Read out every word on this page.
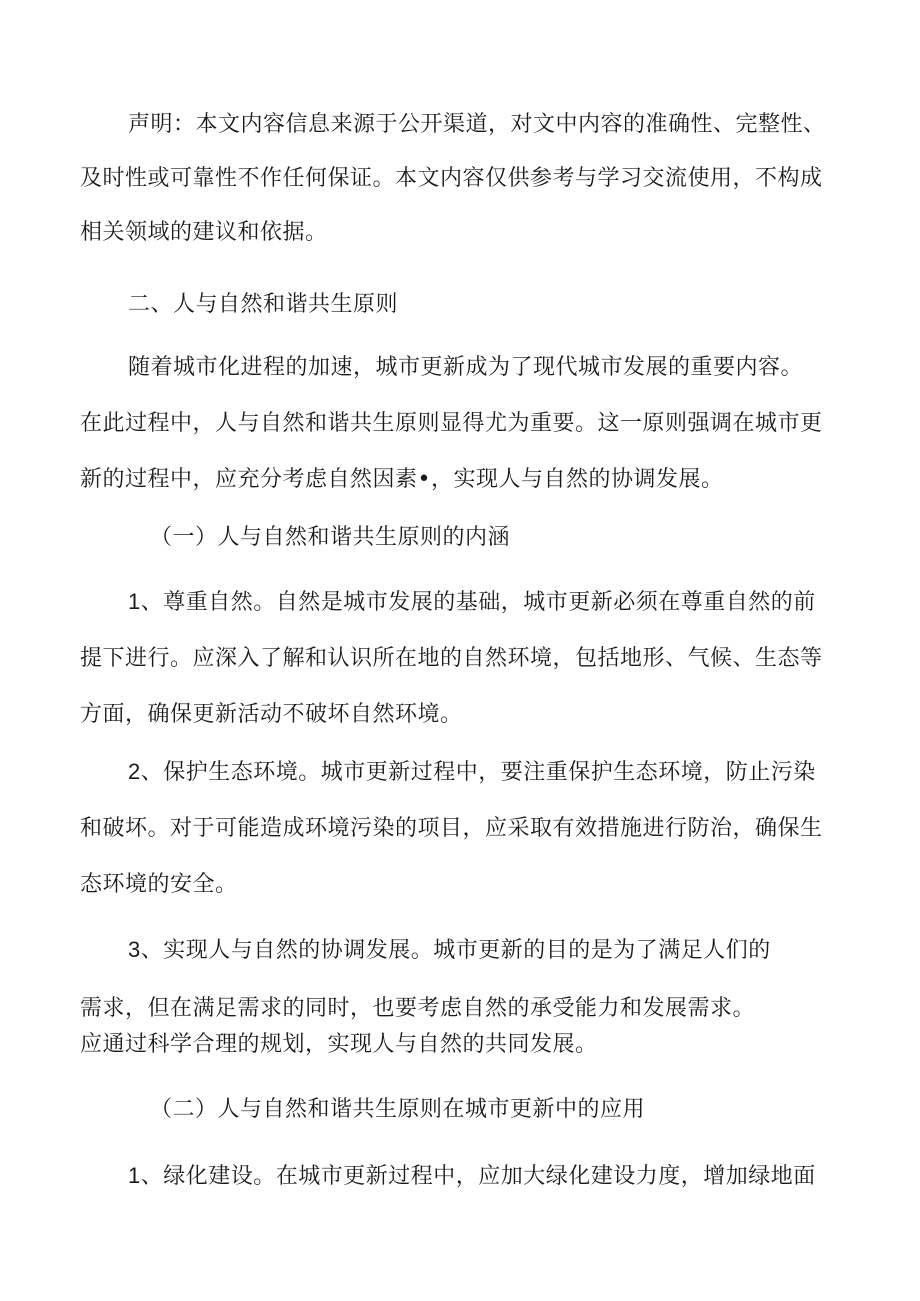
声明：本文内容信息来源于公开渠道，对文中内容的准确性、完整性、

及时性或可靠性不作任何保证。本文内容仅供参考与学习交流使用，不构成

相关领域的建议和依据。

二、人与自然和谐共生原则

随着城市化进程的加速，城市更新成为了现代城市发展的重要内容。

在此过程中，人与自然和谐共生原则显得尤为重要。这一原则强调在城市更

新的过程中，应充分考虑自然因素•，实现人与自然的协调发展。

（一）人与自然和谐共生原则的内涵

1、尊重自然。自然是城市发展的基础，城市更新必须在尊重自然的前

提下进行。应深入了解和认识所在地的自然环境，包括地形、气候、生态等

方面，确保更新活动不破坏自然环境。

2、保护生态环境。城市更新过程中，要注重保护生态环境，防止污染

和破坏。对于可能造成环境污染的项目，应采取有效措施进行防治，确保生

态环境的安全。

3、实现人与自然的协调发展。城市更新的目的是为了满足人们的

需求，但在满足需求的同时，也要考虑自然的承受能力和发展需求。

应通过科学合理的规划，实现人与自然的共同发展。

（二）人与自然和谐共生原则在城市更新中的应用

1、绿化建设。在城市更新过程中，应加大绿化建设力度，增加绿地面
